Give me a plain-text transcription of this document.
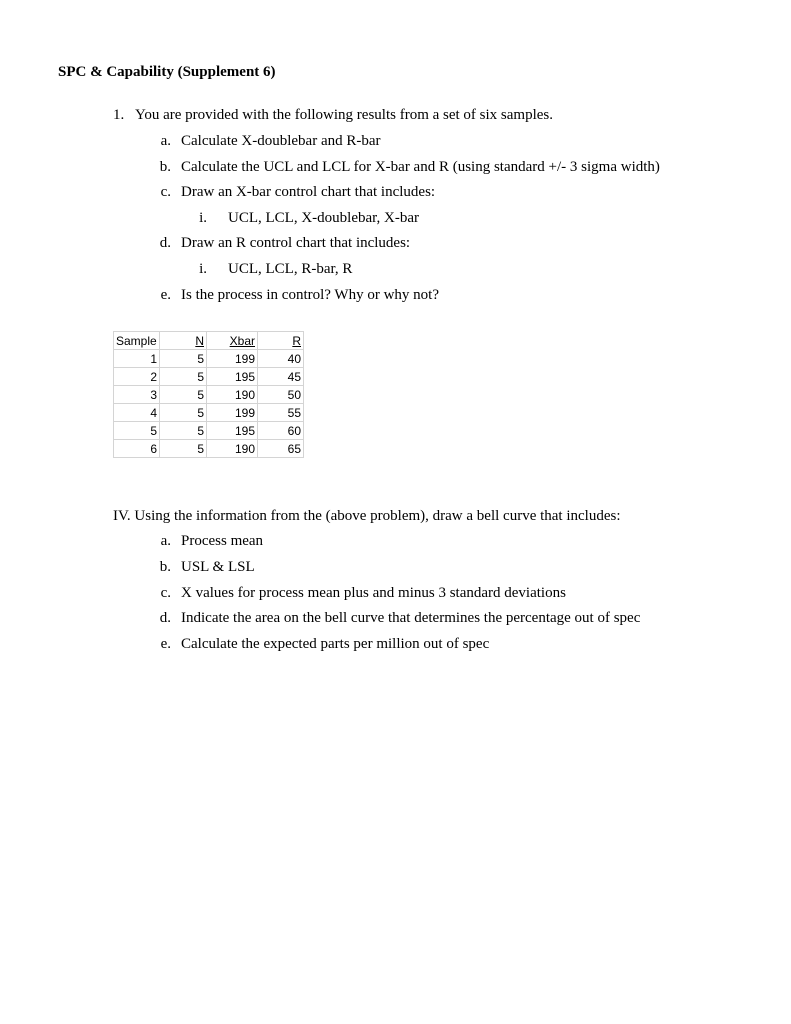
SPC & Capability (Supplement 6)
1. You are provided with the following results from a set of six samples.
a. Calculate X-doublebar and R-bar
b. Calculate the UCL and LCL for X-bar and R (using standard +/- 3 sigma width)
c. Draw an X-bar control chart that includes:
i. UCL, LCL, X-doublebar, X-bar
d. Draw an R control chart that includes:
i. UCL, LCL, R-bar, R
e. Is the process in control? Why or why not?
Sample	N	Xbar	R
1	5	199	40
2	5	195	45
3	5	190	50
4	5	199	55
5	5	195	60
6	5	190	65
IV. Using the information from the (above problem), draw a bell curve that includes:
a. Process mean
b. USL & LSL
c. X values for process mean plus and minus 3 standard deviations
d. Indicate the area on the bell curve that determines the percentage out of spec
e. Calculate the expected parts per million out of spec
